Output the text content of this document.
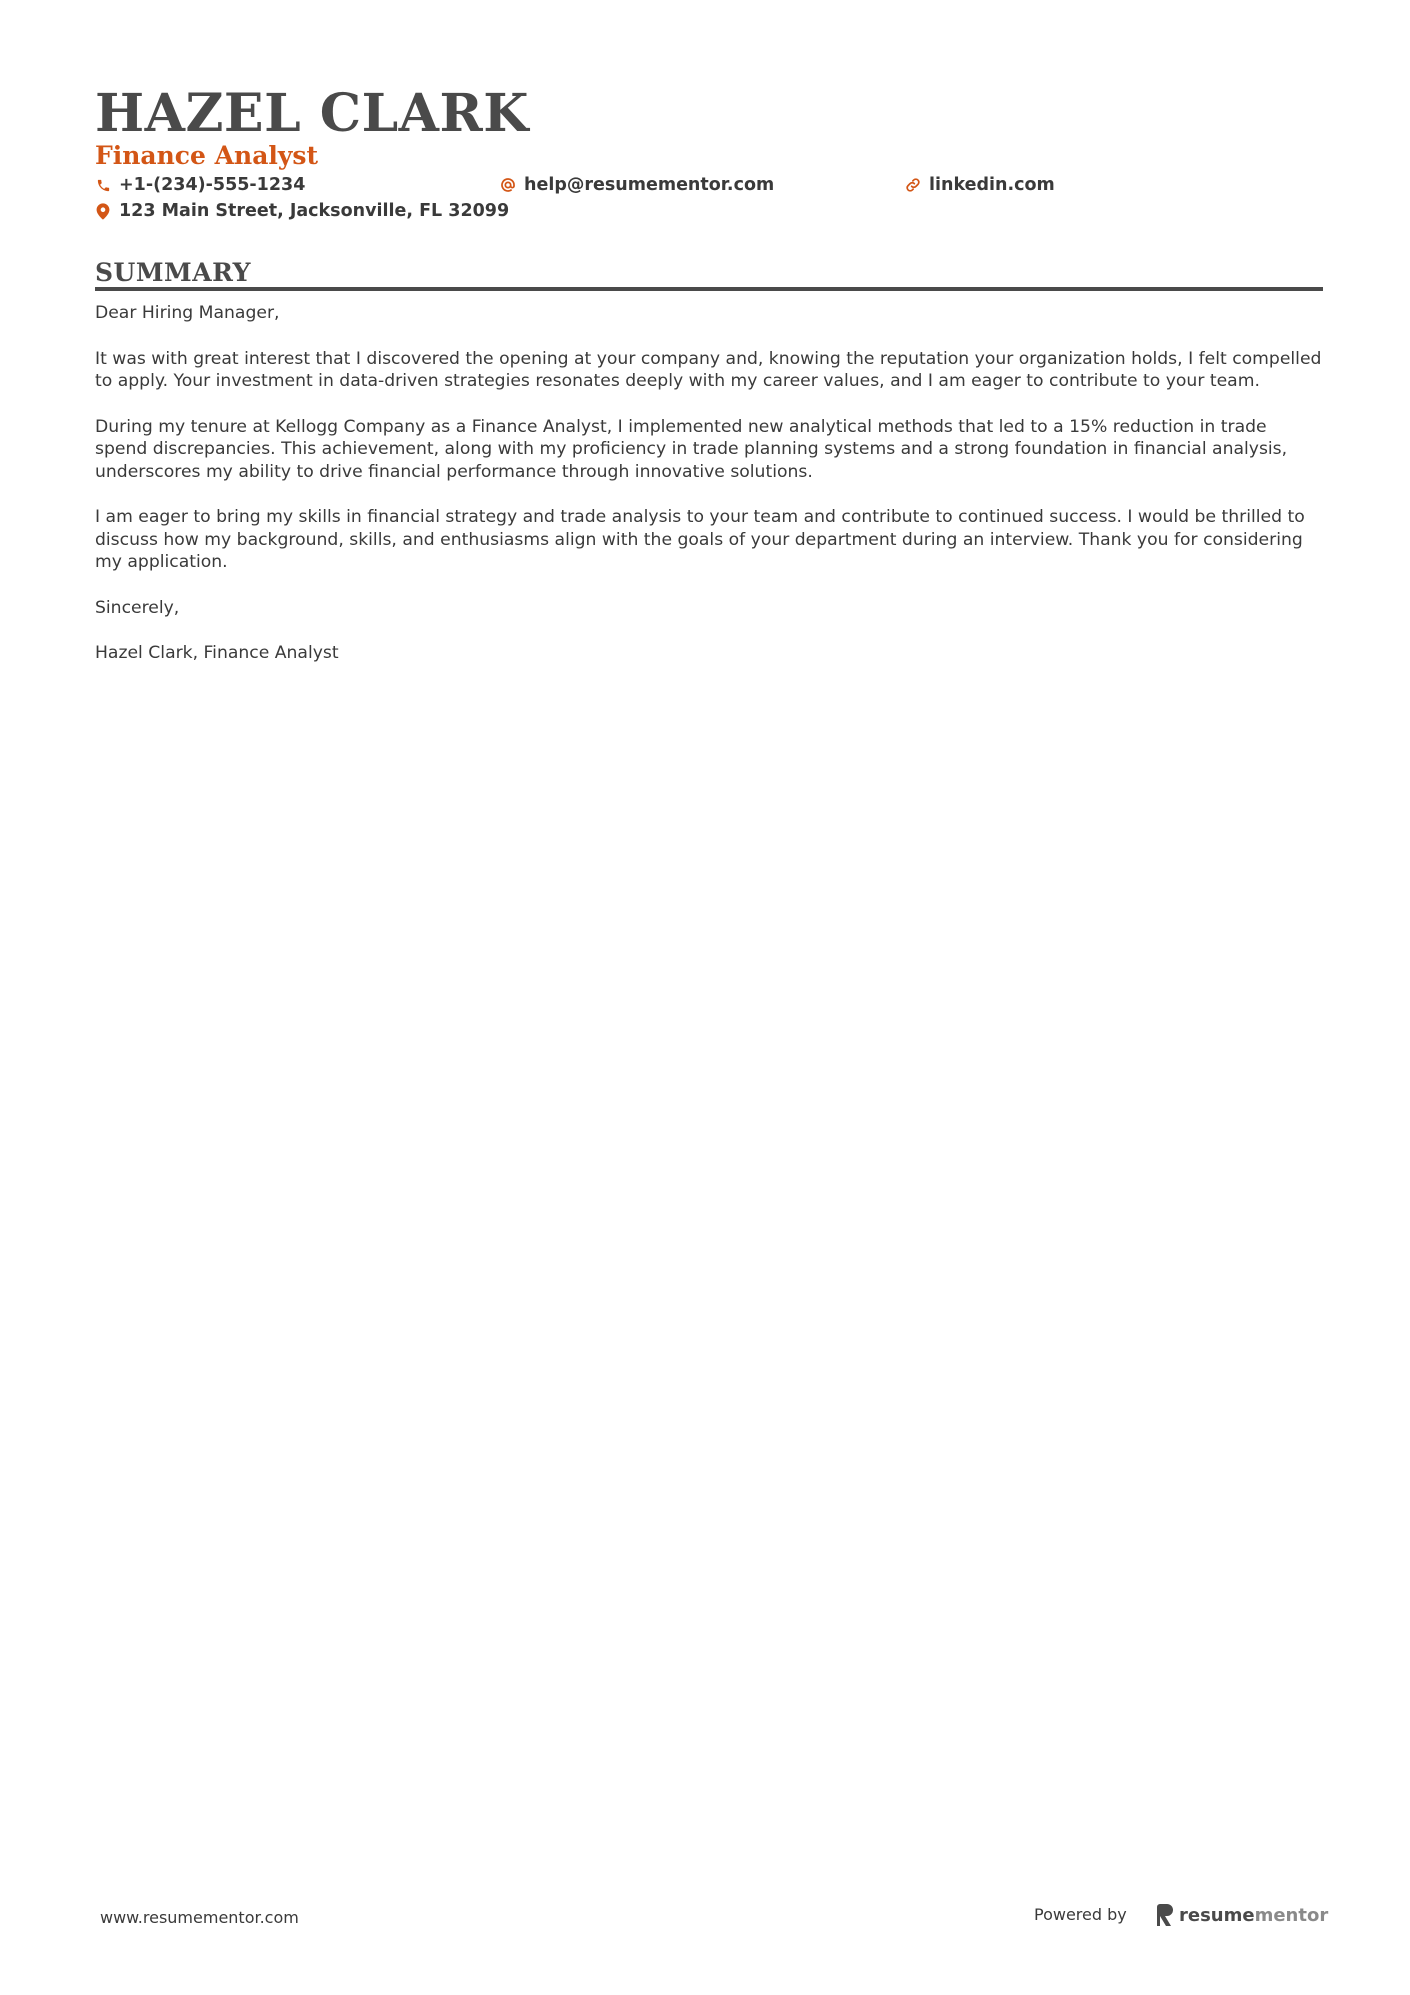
HAZEL CLARK
Finance Analyst
+1-(234)-555-1234	help@resumementor.com	linkedin.com
123 Main Street, Jacksonville, FL 32099
SUMMARY

Dear Hiring Manager,

It was with great interest that I discovered the opening at your company and, knowing the reputation your organization holds, I felt compelled to apply. Your investment in data-driven strategies resonates deeply with my career values, and I am eager to contribute to your team.

During my tenure at Kellogg Company as a Finance Analyst, I implemented new analytical methods that led to a 15% reduction in trade spend discrepancies. This achievement, along with my proficiency in trade planning systems and a strong foundation in financial analysis, underscores my ability to drive financial performance through innovative solutions.

I am eager to bring my skills in financial strategy and trade analysis to your team and contribute to continued success. I would be thrilled to discuss how my background, skills, and enthusiasms align with the goals of your department during an interview. Thank you for considering my application.

Sincerely,

Hazel Clark, Finance Analyst

www.resumementor.com	Powered by	resume mentor
